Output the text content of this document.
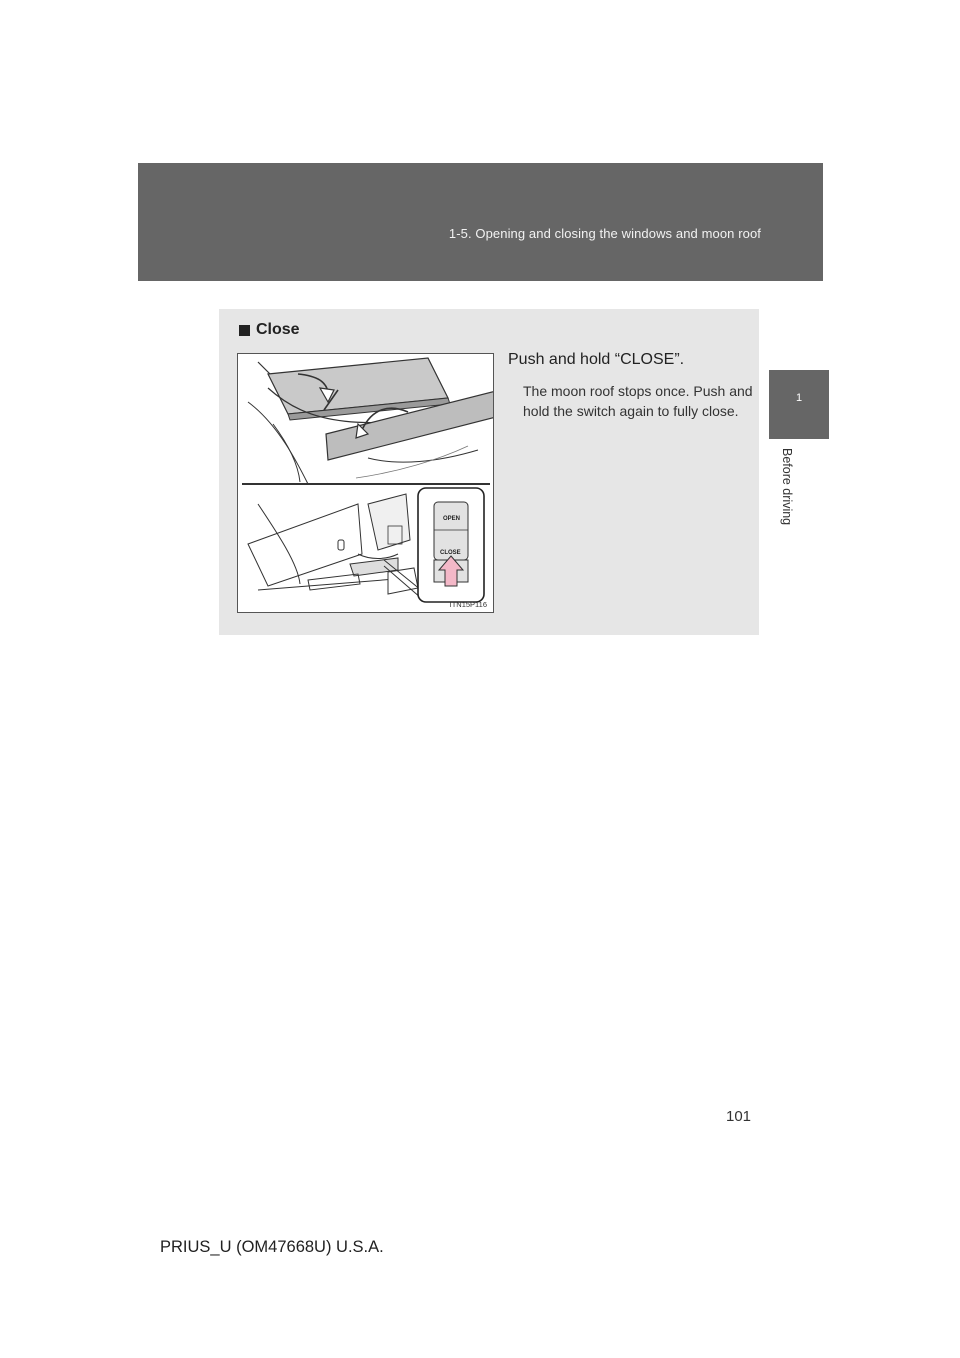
1-5. Opening and closing the windows and moon roof
1
Before driving
Close
OPEN
CLOSE
ITN15P116
Push and hold “CLOSE”.
The moon roof stops once. Push and hold the switch again to fully close.
101
PRIUS_U (OM47668U) U.S.A.
